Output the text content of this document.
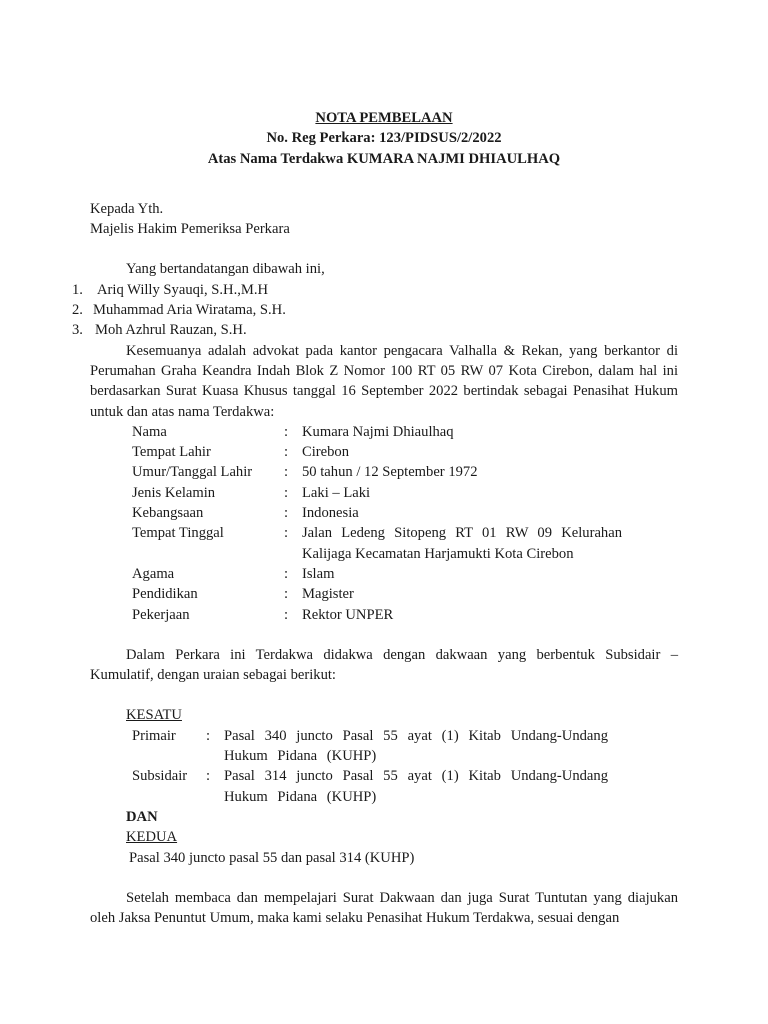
NOTA PEMBELAAN
No. Reg Perkara: 123/PIDSUS/2/2022
Atas Nama Terdakwa KUMARA NAJMI DHIAULHAQ
Kepada Yth.
Majelis Hakim Pemeriksa Perkara
Yang bertandatangan dibawah ini,
1. Ariq Willy Syauqi, S.H.,M.H
2. Muhammad Aria Wiratama, S.H.
3. Moh Azhrul Rauzan, S.H.
Kesemuanya adalah advokat pada kantor pengacara Valhalla & Rekan, yang berkantor di Perumahan Graha Keandra Indah Blok Z Nomor 100 RT 05 RW 07 Kota Cirebon, dalam hal ini berdasarkan Surat Kuasa Khusus tanggal 16 September 2022 bertindak sebagai Penasihat Hukum untuk dan atas nama Terdakwa:
Nama	: Kumara Najmi Dhiaulhaq
Tempat Lahir	: Cirebon
Umur/Tanggal Lahir	: 50 tahun / 12 September 1972
Jenis Kelamin	: Laki – Laki
Kebangsaan	: Indonesia
Tempat Tinggal	: Jalan Ledeng Sitopeng RT 01 RW 09 Kelurahan Kalijaga Kecamatan Harjamukti Kota Cirebon
Agama	: Islam
Pendidikan	: Magister
Pekerjaan	: Rektor UNPER
Dalam Perkara ini Terdakwa didakwa dengan dakwaan yang berbentuk Subsidair – Kumulatif, dengan uraian sebagai berikut:
KESATU
Primair	: Pasal 340 juncto Pasal 55 ayat (1) Kitab Undang-Undang Hukum Pidana (KUHP)
Subsidair	: Pasal 314 juncto Pasal 55 ayat (1) Kitab Undang-Undang Hukum Pidana (KUHP)
DAN
KEDUA
Pasal 340 juncto pasal 55 dan pasal 314 (KUHP)
Setelah membaca dan mempelajari Surat Dakwaan dan juga Surat Tuntutan yang diajukan oleh Jaksa Penuntut Umum, maka kami selaku Penasihat Hukum Terdakwa, sesuai dengan
